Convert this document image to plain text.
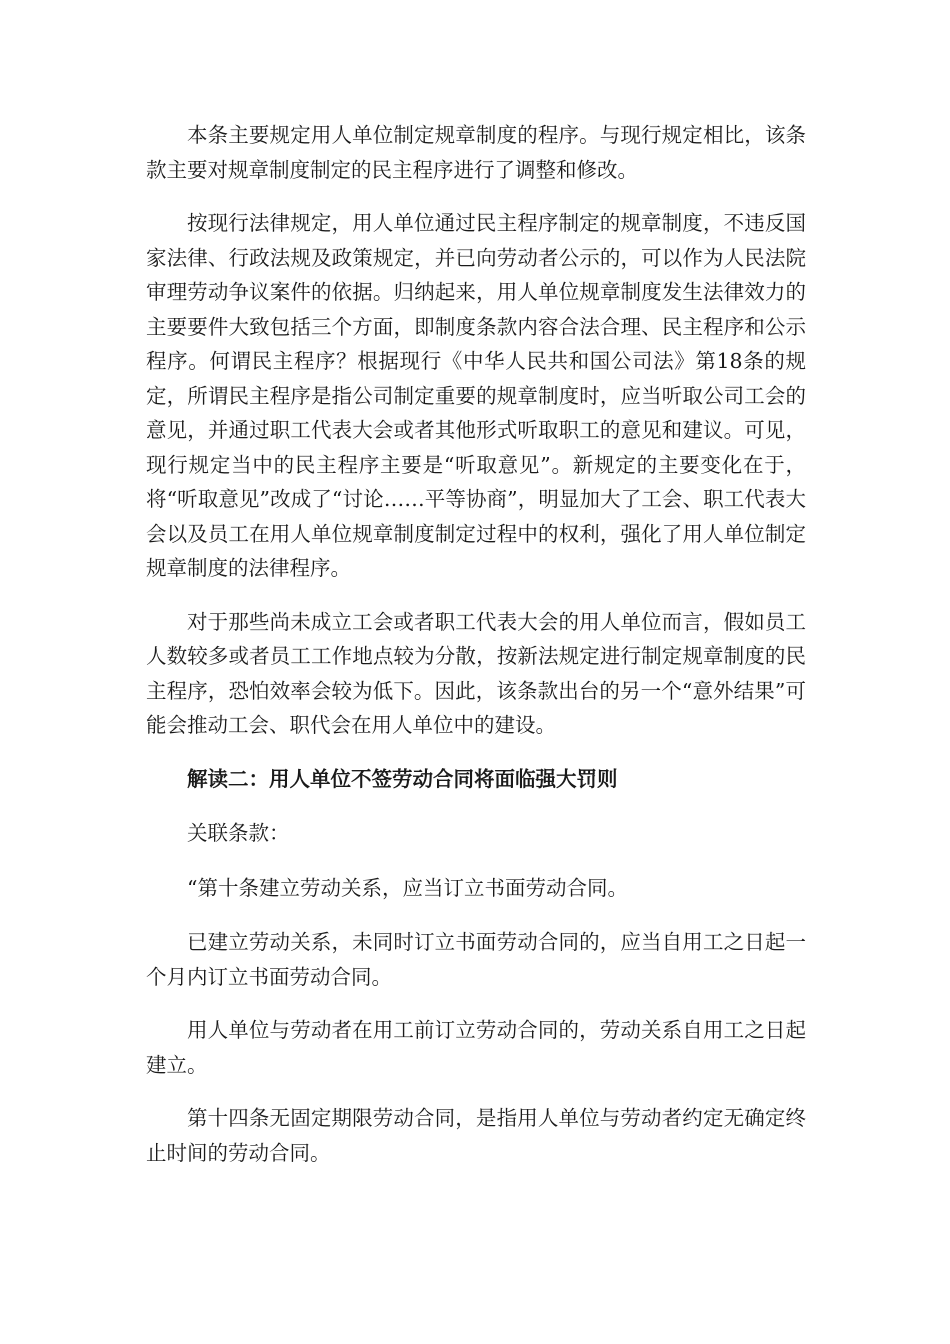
本条主要规定用人单位制定规章制度的程序。与现行规定相比，该条款主要对规章制度制定的民主程序进行了调整和修改。

按现行法律规定，用人单位通过民主程序制定的规章制度，不违反国家法律、行政法规及政策规定，并已向劳动者公示的，可以作为人民法院审理劳动争议案件的依据。归纳起来，用人单位规章制度发生法律效力的主要要件大致包括三个方面，即制度条款内容合法合理、民主程序和公示程序。何谓民主程序？根据现行《中华人民共和国公司法》第18条的规定，所谓民主程序是指公司制定重要的规章制度时，应当听取公司工会的意见，并通过职工代表大会或者其他形式听取职工的意见和建议。可见，现行规定当中的民主程序主要是“听取意见”。新规定的主要变化在于，将“听取意见”改成了“讨论……平等协商”，明显加大了工会、职工代表大会以及员工在用人单位规章制度制定过程中的权利，强化了用人单位制定规章制度的法律程序。

对于那些尚未成立工会或者职工代表大会的用人单位而言，假如员工人数较多或者员工工作地点较为分散，按新法规定进行制定规章制度的民主程序，恐怕效率会较为低下。因此，该条款出台的另一个“意外结果”可能会推动工会、职代会在用人单位中的建设。

解读二：用人单位不签劳动合同将面临强大罚则

关联条款：

“第十条建立劳动关系，应当订立书面劳动合同。

已建立劳动关系，未同时订立书面劳动合同的，应当自用工之日起一个月内订立书面劳动合同。

用人单位与劳动者在用工前订立劳动合同的，劳动关系自用工之日起建立。

第十四条无固定期限劳动合同，是指用人单位与劳动者约定无确定终止时间的劳动合同。
